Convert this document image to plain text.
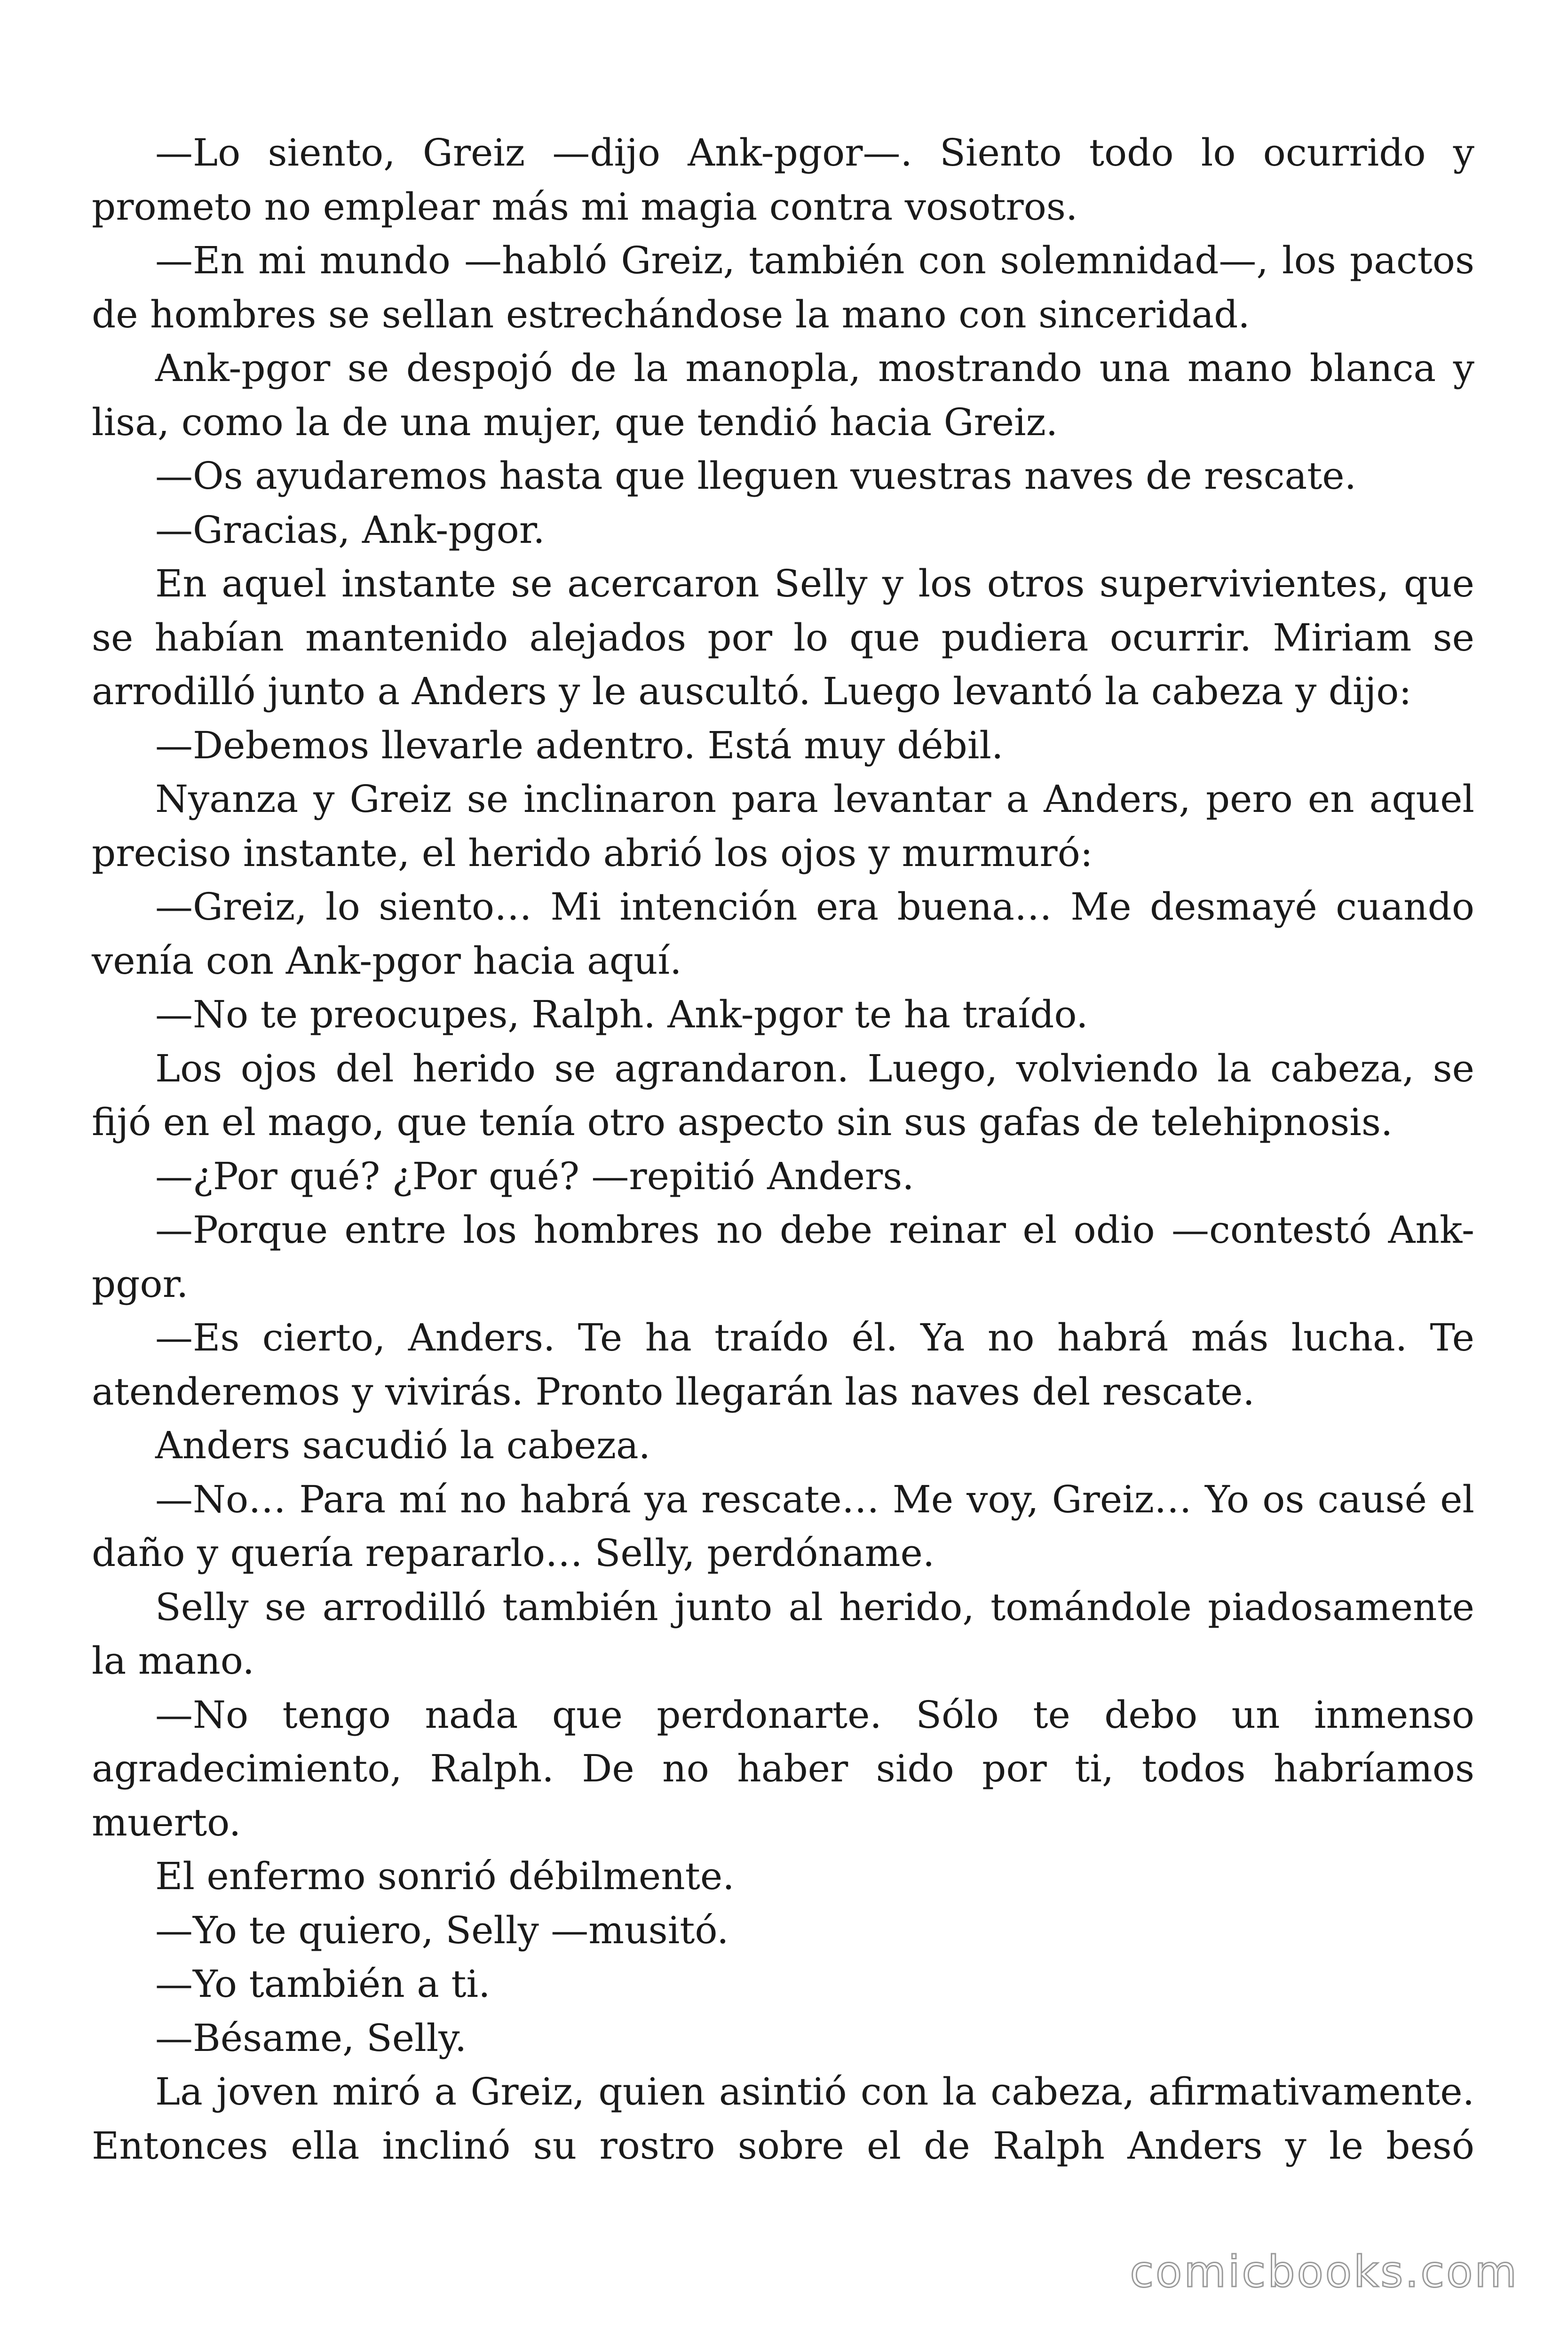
—Lo siento, Greiz —dijo Ank-pgor—. Siento todo lo ocurrido y prometo no emplear más mi magia contra vosotros.

—En mi mundo —habló Greiz, también con solemnidad—, los pactos de hombres se sellan estrechándose la mano con sinceridad.

Ank-pgor se despojó de la manopla, mostrando una mano blanca y lisa, como la de una mujer, que tendió hacia Greiz.

—Os ayudaremos hasta que lleguen vuestras naves de rescate.

—Gracias, Ank-pgor.

En aquel instante se acercaron Selly y los otros supervivientes, que se habían mantenido alejados por lo que pudiera ocurrir. Miriam se arrodilló junto a Anders y le auscultó. Luego levantó la cabeza y dijo:

—Debemos llevarle adentro. Está muy débil.

Nyanza y Greiz se inclinaron para levantar a Anders, pero en aquel preciso instante, el herido abrió los ojos y murmuró:

—Greiz, lo siento… Mi intención era buena… Me desmayé cuando venía con Ank-pgor hacia aquí.

—No te preocupes, Ralph. Ank-pgor te ha traído.

Los ojos del herido se agrandaron. Luego, volviendo la cabeza, se fijó en el mago, que tenía otro aspecto sin sus gafas de telehipnosis.

—¿Por qué? ¿Por qué? —repitió Anders.

—Porque entre los hombres no debe reinar el odio —contestó Ank-pgor.

—Es cierto, Anders. Te ha traído él. Ya no habrá más lucha. Te atenderemos y vivirás. Pronto llegarán las naves del rescate.

Anders sacudió la cabeza.

—No… Para mí no habrá ya rescate… Me voy, Greiz… Yo os causé el daño y quería repararlo… Selly, perdóname.

Selly se arrodilló también junto al herido, tomándole piadosamente la mano.

—No tengo nada que perdonarte. Sólo te debo un inmenso agradecimiento, Ralph. De no haber sido por ti, todos habríamos muerto.

El enfermo sonrió débilmente.

—Yo te quiero, Selly —musitó.

—Yo también a ti.

—Bésame, Selly.

La joven miró a Greiz, quien asintió con la cabeza, afirmativamente. Entonces ella inclinó su rostro sobre el de Ralph Anders y le besó

comicbooks.com
